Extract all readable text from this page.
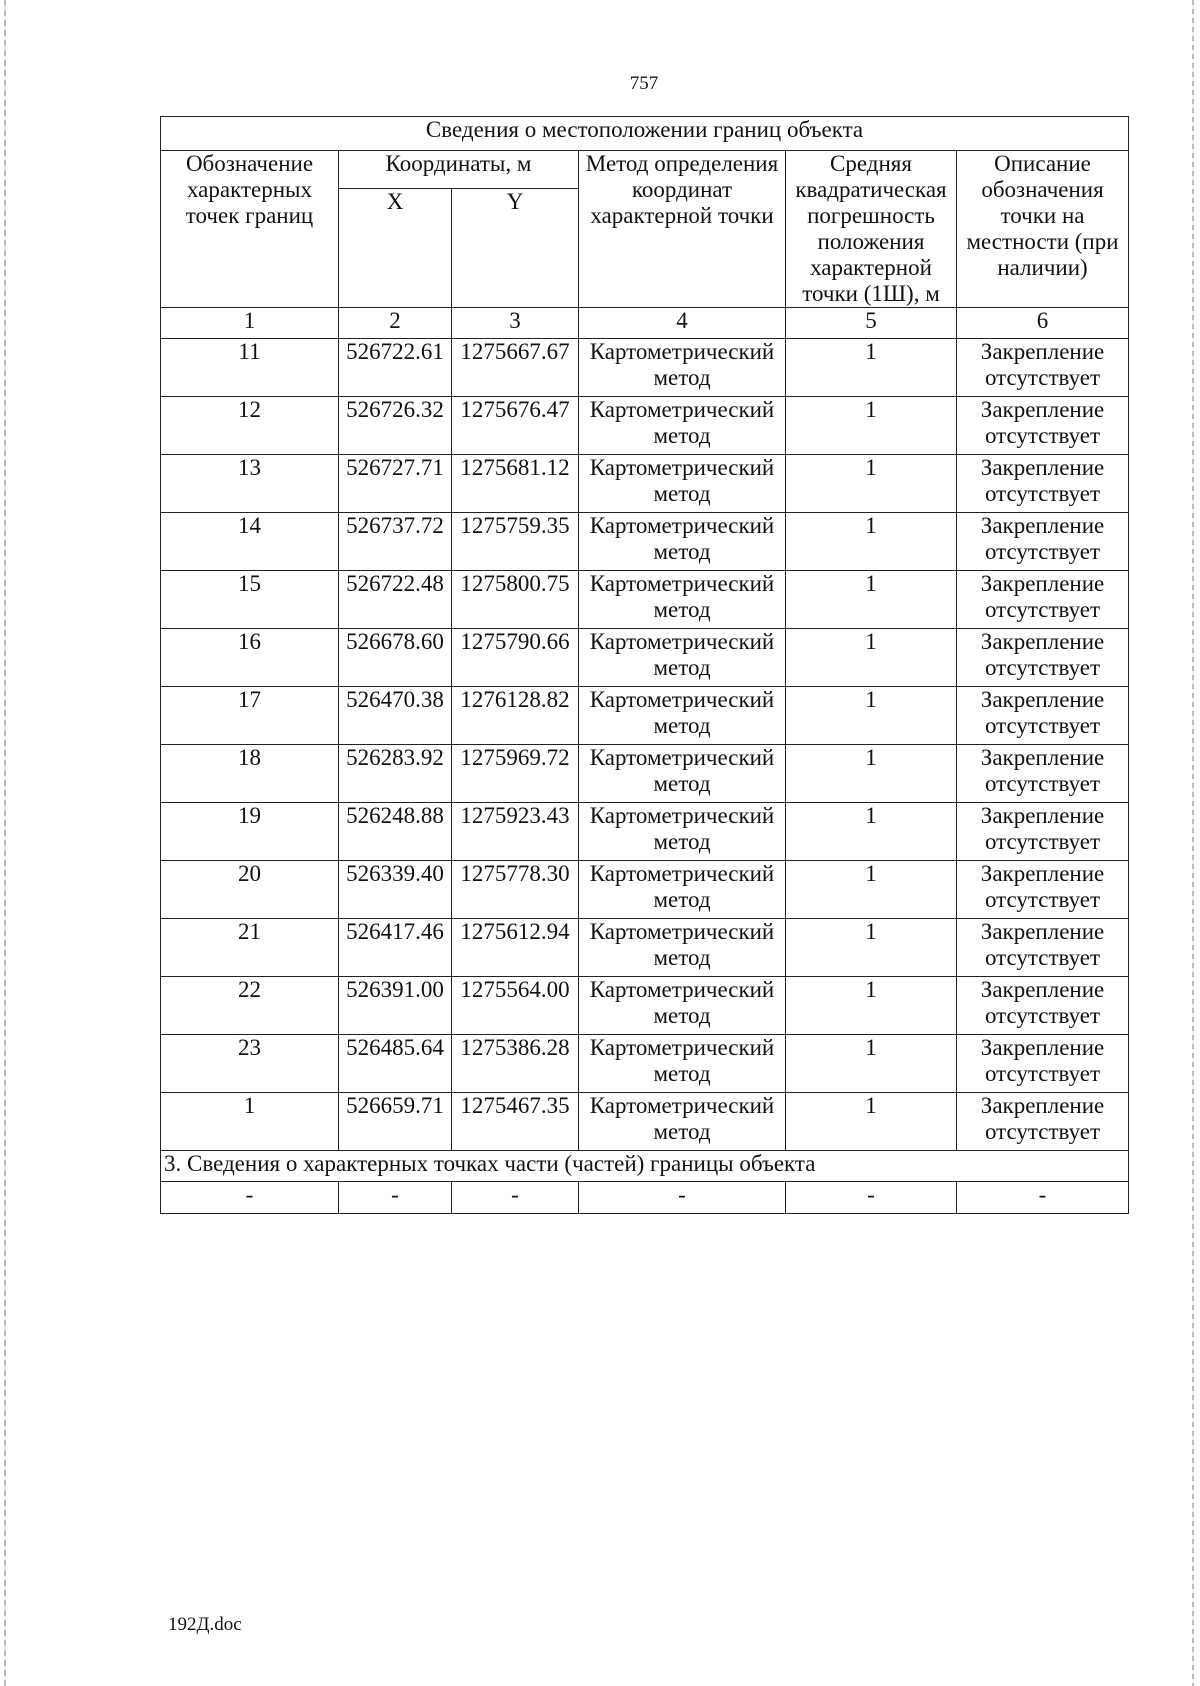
757
Сведения о местоположении границ объекта					
Обозначение характерных точек границ	Координаты, м		Метод определения координат характерной точки	Средняя квадратическая погрешность положения характерной точки (1Ш), м	Описание обозначения точки на местности (при наличии)
	X	Y			
1	2	3	4	5	6
11	526722.61	1275667.67	Картометрический метод	1	Закрепление отсутствует
12	526726.32	1275676.47	Картометрический метод	1	Закрепление отсутствует
13	526727.71	1275681.12	Картометрический метод	1	Закрепление отсутствует
14	526737.72	1275759.35	Картометрический метод	1	Закрепление отсутствует
15	526722.48	1275800.75	Картометрический метод	1	Закрепление отсутствует
16	526678.60	1275790.66	Картометрический метод	1	Закрепление отсутствует
17	526470.38	1276128.82	Картометрический метод	1	Закрепление отсутствует
18	526283.92	1275969.72	Картометрический метод	1	Закрепление отсутствует
19	526248.88	1275923.43	Картометрический метод	1	Закрепление отсутствует
20	526339.40	1275778.30	Картометрический метод	1	Закрепление отсутствует
21	526417.46	1275612.94	Картометрический метод	1	Закрепление отсутствует
22	526391.00	1275564.00	Картометрический метод	1	Закрепление отсутствует
23	526485.64	1275386.28	Картометрический метод	1	Закрепление отсутствует
1	526659.71	1275467.35	Картометрический метод	1	Закрепление отсутствует
3. Сведения о характерных точках части (частей) границы объекта					
-	-	-	-	-	-
192Д.doc
